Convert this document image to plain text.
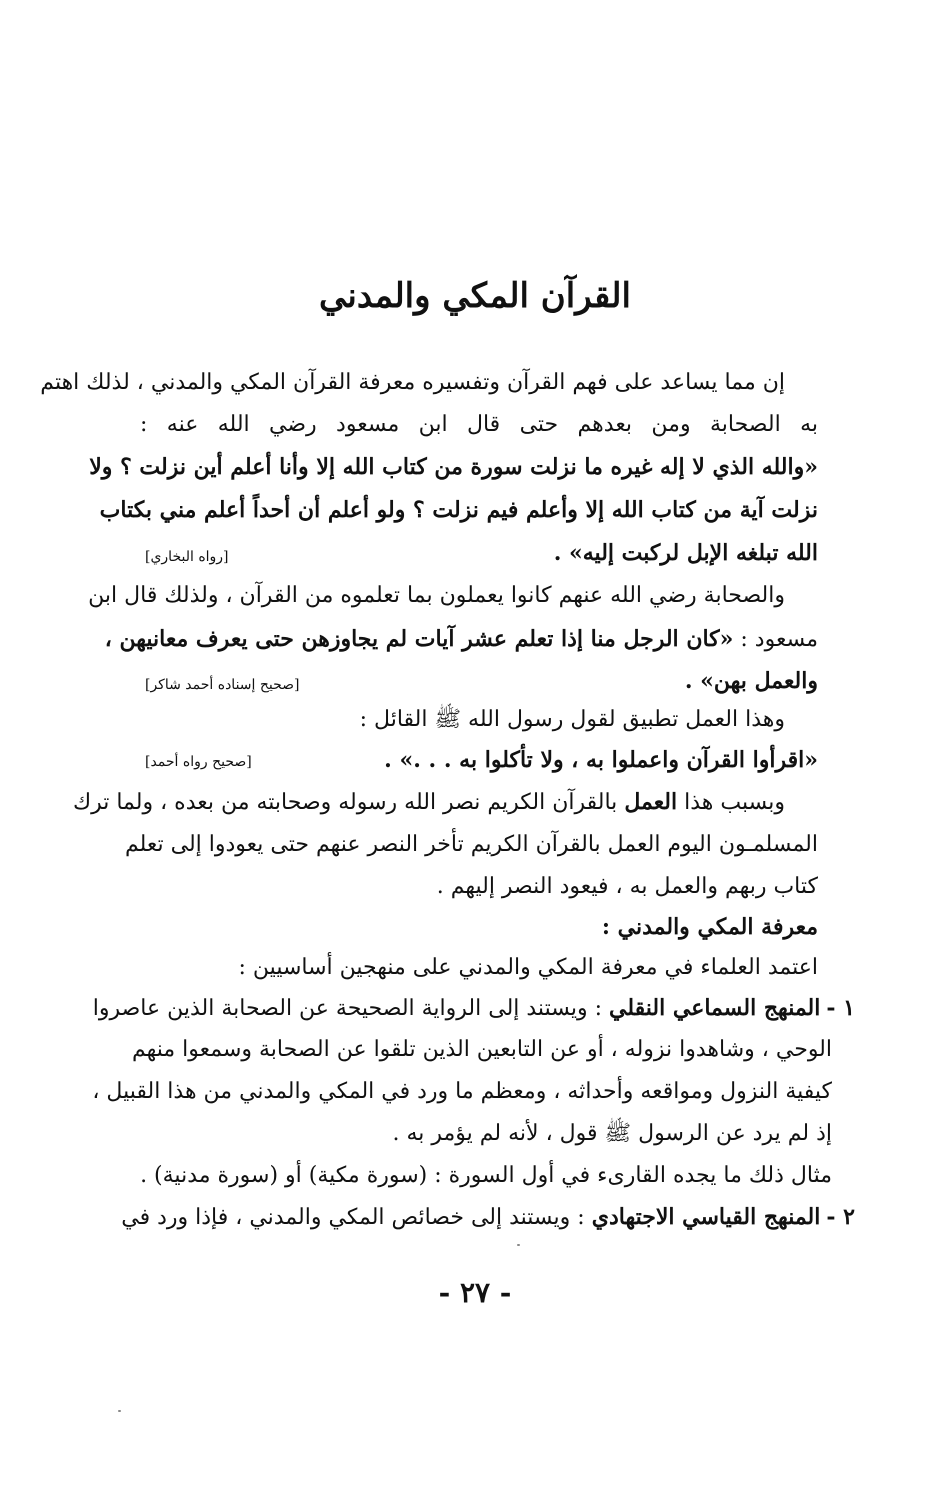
القرآن المكي والمدني
إن مما يساعد على فهم القرآن وتفسيره معرفة القرآن المكي والمدني ، لذلك اهتم
به الصحابة ومن بعدهم حتى قال ابن مسعود رضي الله عنه :
«والله الذي لا إله غيره ما نزلت سورة من كتاب الله إلا وأنا أعلم أين نزلت ؟ ولا
نزلت آية من كتاب الله إلا وأعلم فيم نزلت ؟ ولو أعلم أن أحداً أعلم مني بكتاب
الله تبلغه الإبل لركبت إليه» .
[رواه البخاري]
والصحابة رضي الله عنهم كانوا يعملون بما تعلموه من القرآن ، ولذلك قال ابن
مسعود : «كان الرجل منا إذا تعلم عشر آيات لم يجاوزهن حتى يعرف معانيهن ،
والعمل بهن» .
[صحيح إسناده أحمد شاكر]
وهذا العمل تطبيق لقول رسول الله ﷺ القائل :
«اقرأوا القرآن واعملوا به ، ولا تأكلوا به . . .» .
[صحيح رواه أحمد]
وبسبب هذا العمل بالقرآن الكريم نصر الله رسوله وصحابته من بعده ، ولما ترك
المسلمـون اليوم العمل بالقرآن الكريم تأخر النصر عنهم حتى يعودوا إلى تعلم
كتاب ربهم والعمل به ، فيعود النصر إليهم .
معرفة المكي والمدني :
اعتمد العلماء في معرفة المكي والمدني على منهجين أساسيين :
١ -المنهج السماعي النقلي : ويستند إلى الرواية الصحيحة عن الصحابة الذين عاصروا
الوحي ، وشاهدوا نزوله ، أو عن التابعين الذين تلقوا عن الصحابة وسمعوا منهم
كيفية النزول ومواقعه وأحداثه ، ومعظم ما ورد في المكي والمدني من هذا القبيل ،
إذ لم يرد عن الرسول ﷺ قول ، لأنه لم يؤمر به .
مثال ذلك ما يجده القارىء في أول السورة : (سورة مكية) أو (سورة مدنية) .
٢ -المنهج القياسي الاجتهادي : ويستند إلى خصائص المكي والمدني ، فإذا ورد في
- ٢٧ -
